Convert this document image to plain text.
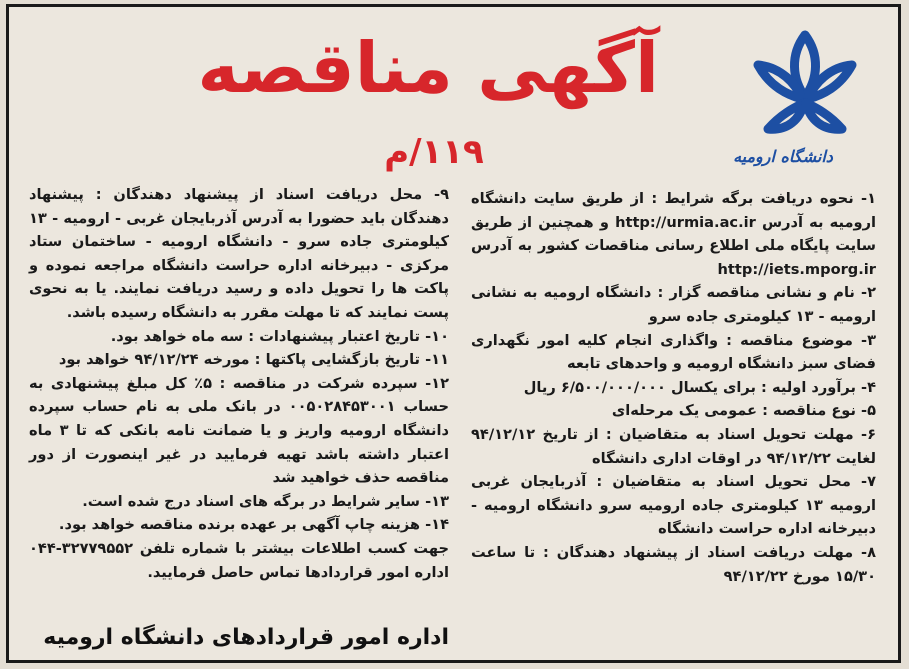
آگهی مناقصه
۱۱۹/م	دانشگاه ارومیه

۱- نحوه دریافت برگه شرایط : از طریق سایت دانشگاه ارومیه به آدرس http://urmia.ac.ir و همچنین از طریق سایت پایگاه ملی اطلاع رسانی مناقصات کشور به آدرس http://iets.mporg.ir

۲- نام و نشانی مناقصه گزار : دانشگاه ارومیه به نشانی ارومیه - ۱۳ کیلومتری جاده سرو

۳- موضوع مناقصه : واگذاری انجام کلیه امور نگهداری فضای سبز دانشگاه ارومیه و واحدهای تابعه

۴- برآورد اولیه : برای یکسال ۶/۵۰۰/۰۰۰/۰۰۰ ریال

۵- نوع مناقصه : عمومی یک مرحله‌ای

۶- مهلت تحویل اسناد به متقاضیان : از تاریخ ۹۴/۱۲/۱۲ لغایت ۹۴/۱۲/۲۲ در اوقات اداری دانشگاه

۷- محل تحویل اسناد به متقاضیان : آذربایجان غربی ارومیه ۱۳ کیلومتری جاده ارومیه سرو دانشگاه ارومیه - دبیرخانه اداره حراست دانشگاه

۸- مهلت دریافت اسناد از پیشنهاد دهندگان : تا ساعت ۱۵/۳۰ مورخ ۹۴/۱۲/۲۲

۹- محل دریافت اسناد از پیشنهاد دهندگان : پیشنهاد دهندگان باید حضورا به آدرس آذربایجان غربی - ارومیه - ۱۳ کیلومتری جاده سرو - دانشگاه ارومیه - ساختمان ستاد مرکزی - دبیرخانه اداره حراست دانشگاه مراجعه نموده و پاکت ها را تحویل داده و رسید دریافت نمایند. یا به نحوی پست نمایند که تا مهلت مقرر به دانشگاه رسیده باشد.

۱۰- تاریخ اعتبار پیشنهادات : سه ماه خواهد بود.

۱۱- تاریخ بازگشایی پاکتها : مورخه ۹۴/۱۲/۲۴ خواهد بود

۱۲- سپرده شرکت در مناقصه : ۵٪ کل مبلغ پیشنهادی به حساب ۰۰۵۰۲۸۴۵۳۰۰۱ در بانک ملی به نام حساب سپرده دانشگاه ارومیه واریز و یا ضمانت نامه بانکی که تا ۳ ماه اعتبار داشته باشد تهیه فرمایید در غیر اینصورت از دور مناقصه حذف خواهید شد

۱۳- سایر شرایط در برگه های اسناد درج شده است.

۱۴- هزینه چاپ آگهی بر عهده برنده مناقصه خواهد بود.

جهت کسب اطلاعات بیشتر با شماره تلفن ۳۲۷۷۹۵۵۲-۰۴۴ اداره امور قراردادها تماس حاصل فرمایید.

اداره امور قراردادهای دانشگاه ارومیه
